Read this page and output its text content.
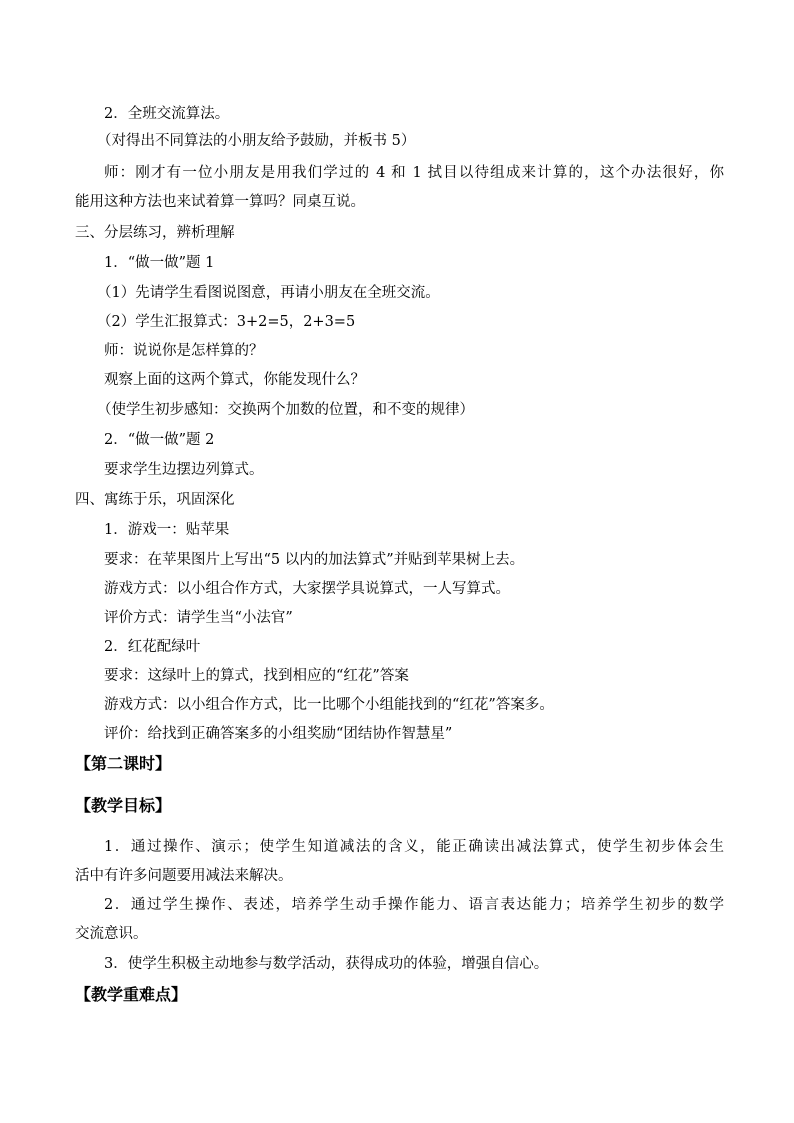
2．全班交流算法。
（对得出不同算法的小朋友给予鼓励，并板书 5）
师：刚才有一位小朋友是用我们学过的 4 和 1 拭目以待组成来计算的，这个办法很好，你
能用这种方法也来试着算一算吗？同桌互说。
三、分层练习，辨析理解
1．“做一做”题 1
（1）先请学生看图说图意，再请小朋友在全班交流。
（2）学生汇报算式：3+2=5，2+3=5
师：说说你是怎样算的？
观察上面的这两个算式，你能发现什么？
（使学生初步感知：交换两个加数的位置，和不变的规律）
2．“做一做”题 2
要求学生边摆边列算式。
四、寓练于乐，巩固深化
1．游戏一：贴苹果
要求：在苹果图片上写出“5 以内的加法算式”并贴到苹果树上去。
游戏方式：以小组合作方式，大家摆学具说算式，一人写算式。
评价方式：请学生当“小法官”
2．红花配绿叶
要求：这绿叶上的算式，找到相应的“红花”答案
游戏方式：以小组合作方式，比一比哪个小组能找到的“红花”答案多。
评价：给找到正确答案多的小组奖励“团结协作智慧星”
【第二课时】
【教学目标】
1．通过操作、演示；使学生知道减法的含义，能正确读出减法算式，使学生初步体会生
活中有许多问题要用减法来解决。
2．通过学生操作、表述，培养学生动手操作能力、语言表达能力；培养学生初步的数学
交流意识。
3．使学生积极主动地参与数学活动，获得成功的体验，增强自信心。
【教学重难点】
